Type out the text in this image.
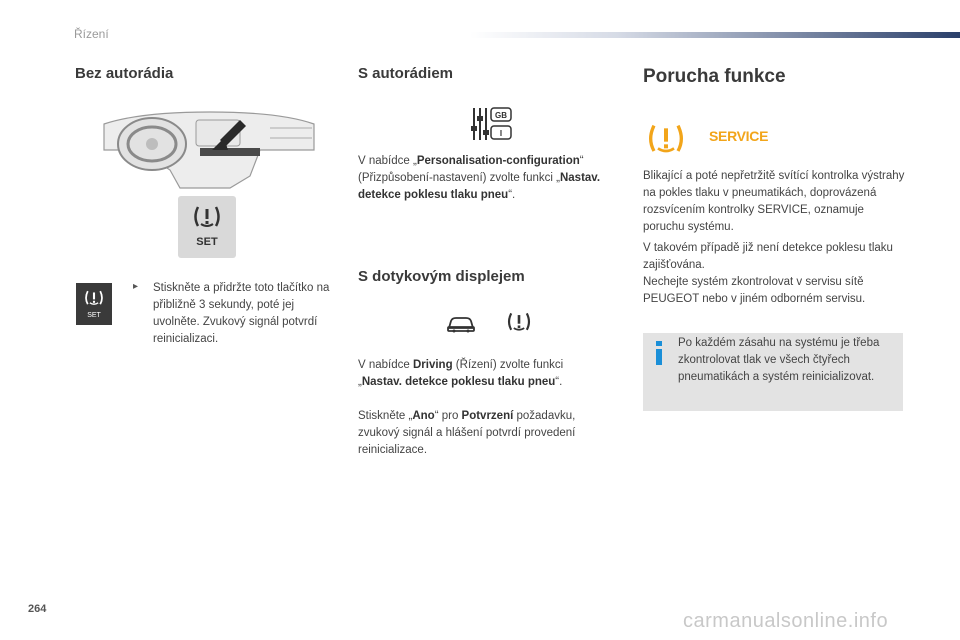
Řízení
Bez autorádia
SET
SET
▸ Stiskněte a přidržte toto tlačítko na přibližně 3 sekundy, poté jej uvolněte. Zvukový signál potvrdí reinicializaci.
S autorádiem
GB
I
V nabídce „Personalisation-configuration“ (Přizpůsobení-nastavení) zvolte funkci „Nastav. detekce poklesu tlaku pneu“.
S dotykovým displejem
V nabídce Driving (Řízení) zvolte funkci „Nastav. detekce poklesu tlaku pneu“.
Stiskněte „Ano“ pro Potvrzení požadavku, zvukový signál a hlášení potvrdí provedení reinicializace.
Porucha funkce
SERVICE
Blikající a poté nepřetržitě svítící kontrolka výstrahy na pokles tlaku v pneumatikách, doprovázená rozsvícením kontrolky SERVICE, oznamuje poruchu systému.
V takovém případě již není detekce poklesu tlaku zajišťována.
Nechejte systém zkontrolovat v servisu sítě PEUGEOT nebo v jiném odborném servisu.
Po každém zásahu na systému je třeba zkontrolovat tlak ve všech čtyřech pneumatikách a systém reinicializovat.
264
carmanualsonline.info
